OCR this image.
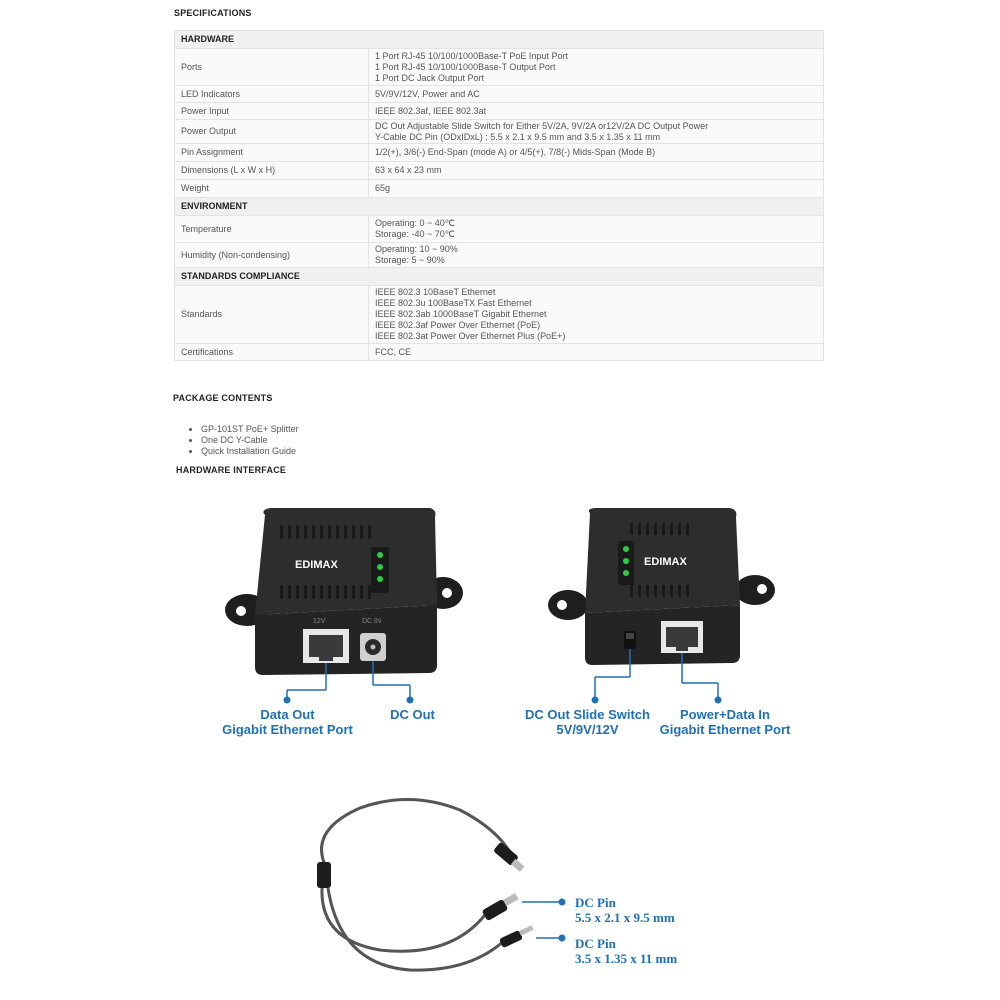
SPECIFICATIONS
HARDWARE	
Ports	1 Port RJ-45 10/100/1000Base-T PoE Input Port
1 Port RJ-45 10/100/1000Base-T Output Port
1 Port DC Jack Output Port

LED Indicators	5V/9V/12V, Power and AC

Power Input	IEEE 802.3af, IEEE 802.3at

Power Output	DC Out Adjustable Slide Switch for Either 5V/2A, 9V/2A or12V/2A DC Output Power
Y-Cable DC Pin (ODxIDxL) : 5.5 x 2.1 x 9.5 mm and 3.5 x 1.35 x 11 mm

Pin Assignment	1/2(+), 3/6(-) End-Span (mode A) or 4/5(+), 7/8(-) Mids-Span (Mode B)

Dimensions (L x W x H)	63 x 64 x 23 mm

Weight	65g

ENVIRONMENT	
Temperature	Operating: 0 ~ 40℃
Storage: -40 ~ 70℃

Humidity (Non-condensing)	Operating: 10 ~ 90%
Storage: 5 ~ 90%

STANDARDS COMPLIANCE	
Standards	IEEE 802.3 10BaseT Ethernet
IEEE 802.3u 100BaseTX Fast Ethernet
IEEE 802.3ab 1000BaseT Gigabit Ethernet
IEEE 802.3af Power Over Ethernet (PoE)
IEEE 802.3at Power Over Ethernet Plus (PoE+)

Certifications	FCC, CE
PACKAGE CONTENTS
• GP-101ST PoE+ Splitter
• One DC Y-Cable
• Quick Installation Guide
HARDWARE INTERFACE
EDIMAX
12V	DC IN
Data Out
Gigabit Ethernet Port
DC Out
EDIMAX
DC Out Slide Switch
5V/9V/12V
Power+Data In
Gigabit Ethernet Port
DC Pin
5.5 x 2.1 x 9.5 mm
DC Pin
3.5 x 1.35 x 11 mm
